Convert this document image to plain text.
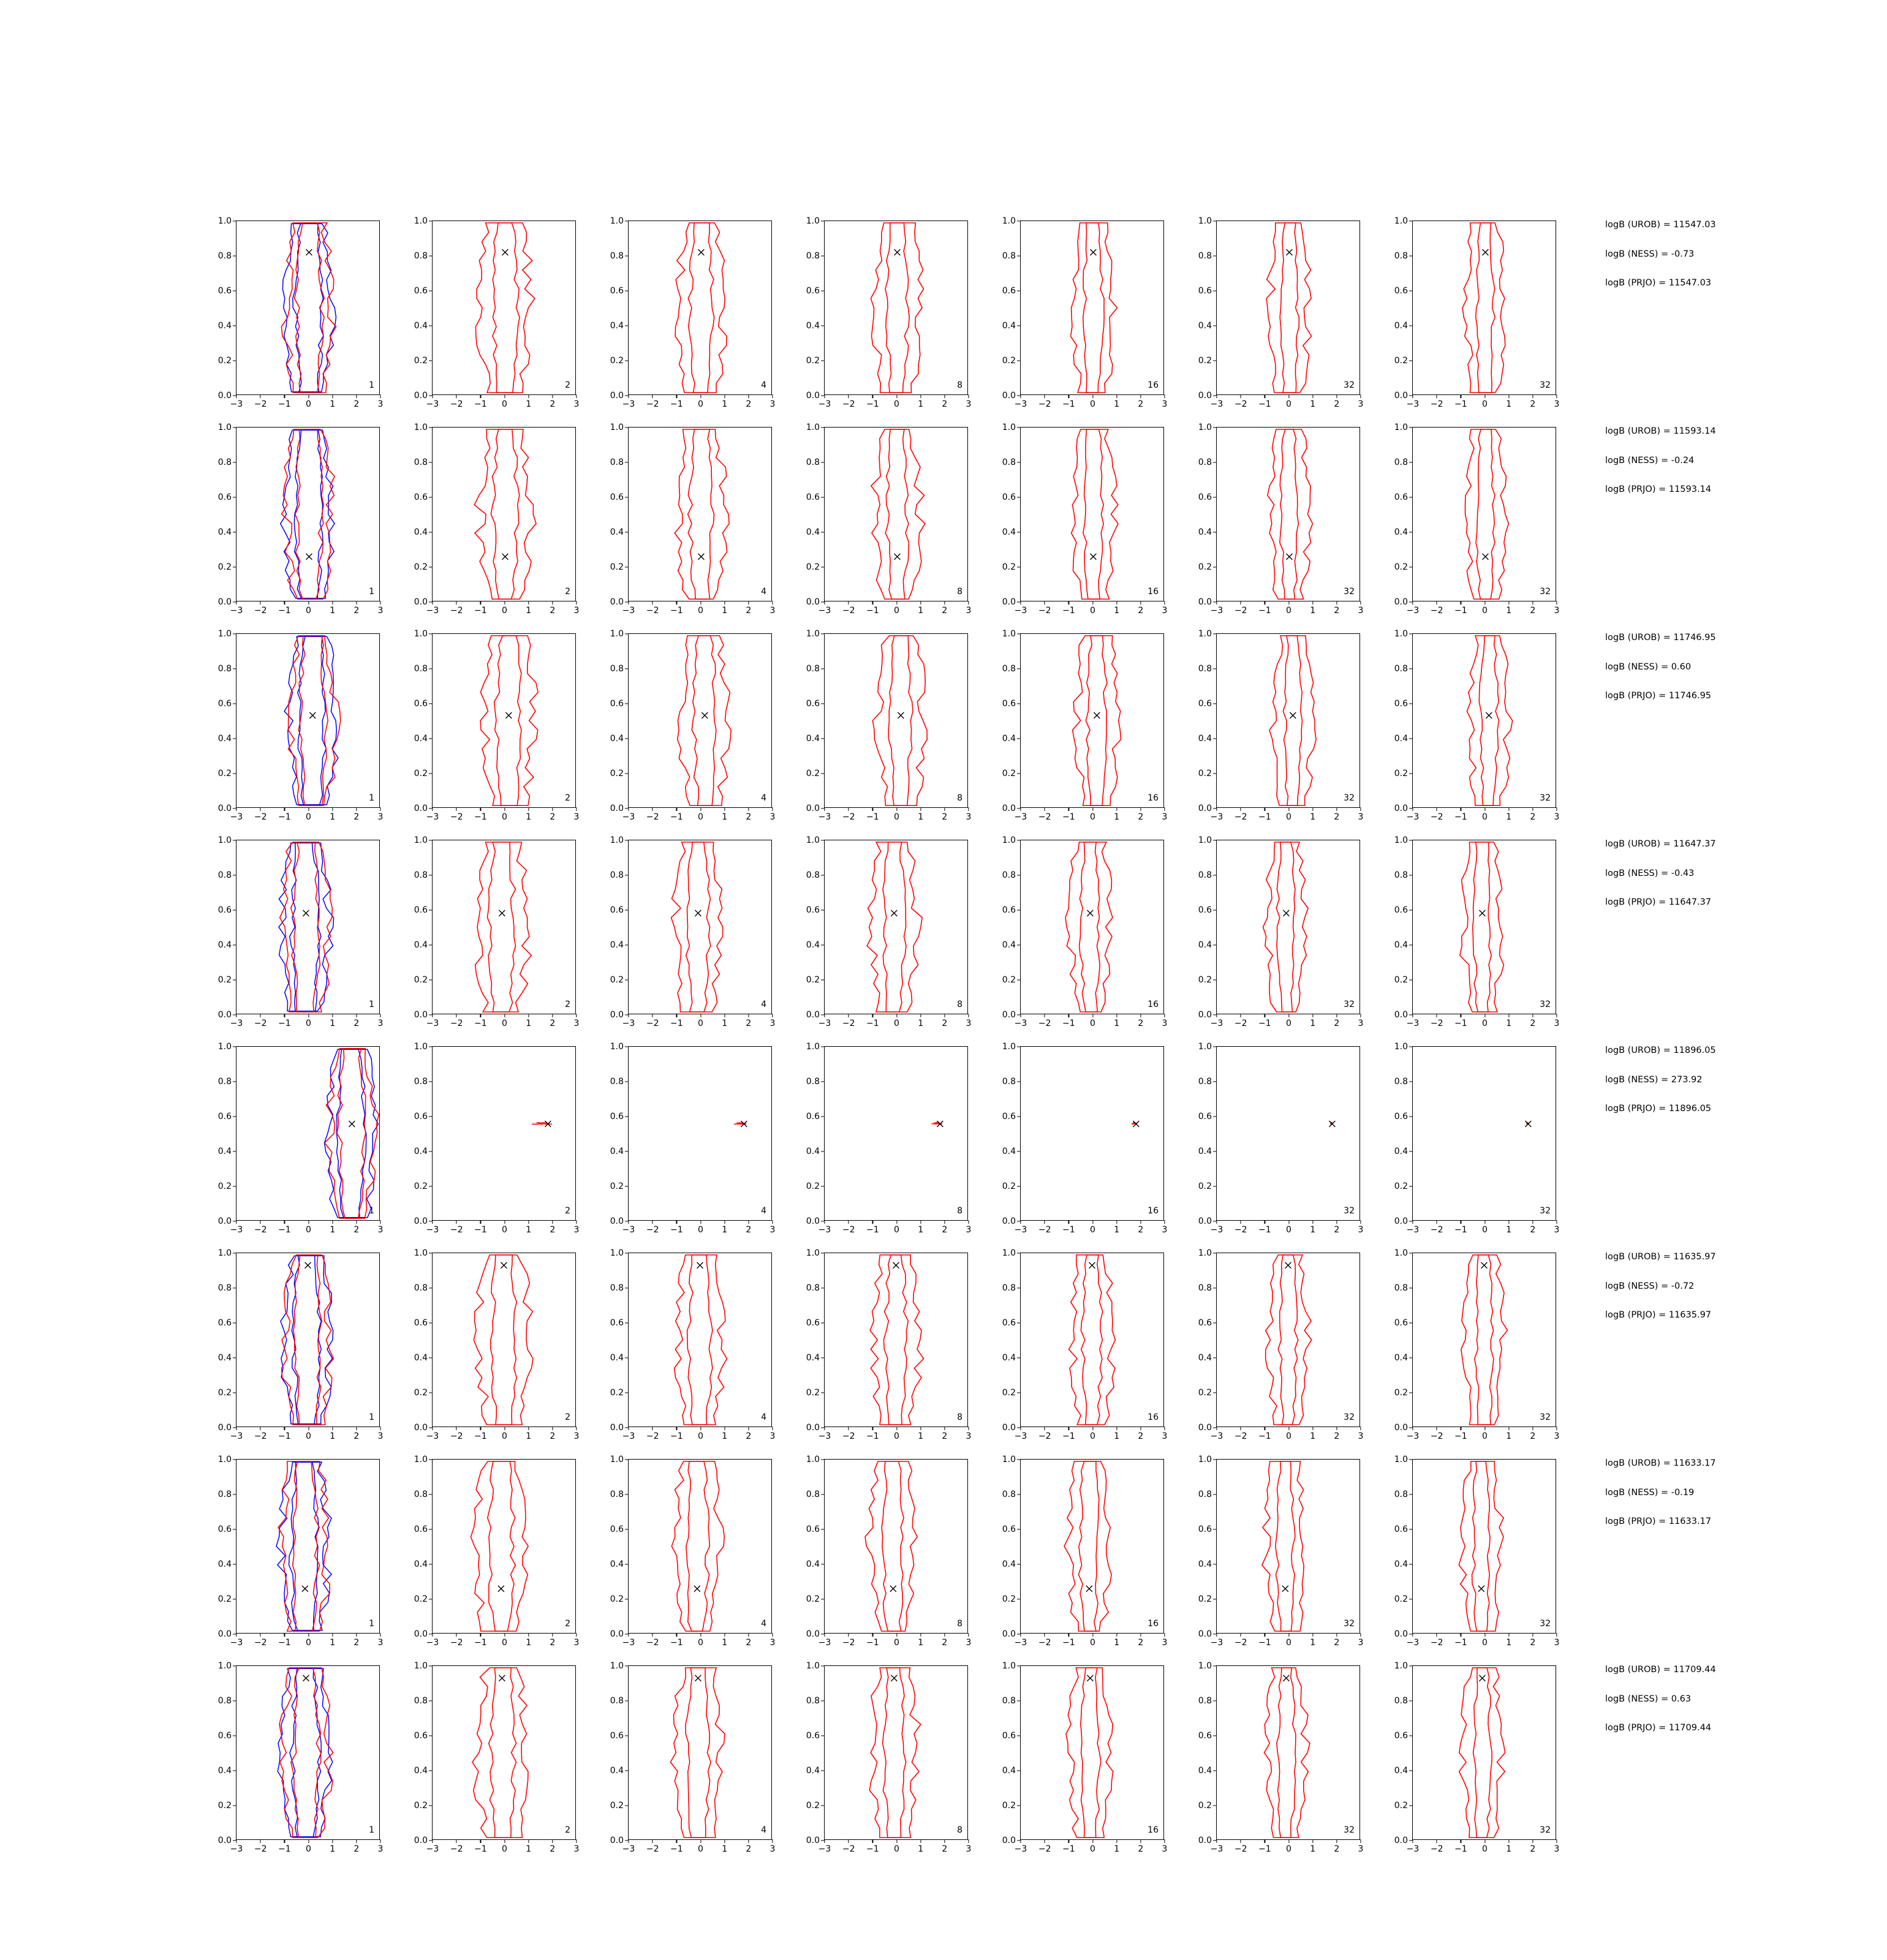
0.0
0.2
0.4
0.6
0.8
1.0
−3 −2 −1 0 1 2 3
1
0.0
0.2
0.4
0.6
0.8
1.0
−3 −2 −1 0 1 2 3
2
0.0
0.2
0.4
0.6
0.8
1.0
−3 −2 −1 0 1 2 3
4
0.0
0.2
0.4
0.6
0.8
1.0
−3 −2 −1 0 1 2 3
8
0.0
0.2
0.4
0.6
0.8
1.0
−3 −2 −1 0 1 2 3
16
0.0
0.2
0.4
0.6
0.8
1.0
−3 −2 −1 0 1 2 3
32
0.0
0.2
0.4
0.6
0.8
1.0
−3 −2 −1 0 1 2 3
32
logB (UROB) = 11547.03
logB (NESS) = -0.73
logB (PRJO) = 11547.03
0.0
0.2
0.4
0.6
0.8
1.0
−3 −2 −1 0 1 2 3
1
0.0
0.2
0.4
0.6
0.8
1.0
−3 −2 −1 0 1 2 3
2
0.0
0.2
0.4
0.6
0.8
1.0
−3 −2 −1 0 1 2 3
4
0.0
0.2
0.4
0.6
0.8
1.0
−3 −2 −1 0 1 2 3
8
0.0
0.2
0.4
0.6
0.8
1.0
−3 −2 −1 0 1 2 3
16
0.0
0.2
0.4
0.6
0.8
1.0
−3 −2 −1 0 1 2 3
32
0.0
0.2
0.4
0.6
0.8
1.0
−3 −2 −1 0 1 2 3
32
logB (UROB) = 11593.14
logB (NESS) = -0.24
logB (PRJO) = 11593.14
0.0
0.2
0.4
0.6
0.8
1.0
−3 −2 −1 0 1 2 3
1
0.0
0.2
0.4
0.6
0.8
1.0
−3 −2 −1 0 1 2 3
2
0.0
0.2
0.4
0.6
0.8
1.0
−3 −2 −1 0 1 2 3
4
0.0
0.2
0.4
0.6
0.8
1.0
−3 −2 −1 0 1 2 3
8
0.0
0.2
0.4
0.6
0.8
1.0
−3 −2 −1 0 1 2 3
16
0.0
0.2
0.4
0.6
0.8
1.0
−3 −2 −1 0 1 2 3
32
0.0
0.2
0.4
0.6
0.8
1.0
−3 −2 −1 0 1 2 3
32
logB (UROB) = 11746.95
logB (NESS) = 0.60
logB (PRJO) = 11746.95
0.0
0.2
0.4
0.6
0.8
1.0
−3 −2 −1 0 1 2 3
1
0.0
0.2
0.4
0.6
0.8
1.0
−3 −2 −1 0 1 2 3
2
0.0
0.2
0.4
0.6
0.8
1.0
−3 −2 −1 0 1 2 3
4
0.0
0.2
0.4
0.6
0.8
1.0
−3 −2 −1 0 1 2 3
8
0.0
0.2
0.4
0.6
0.8
1.0
−3 −2 −1 0 1 2 3
16
0.0
0.2
0.4
0.6
0.8
1.0
−3 −2 −1 0 1 2 3
32
0.0
0.2
0.4
0.6
0.8
1.0
−3 −2 −1 0 1 2 3
32
logB (UROB) = 11647.37
logB (NESS) = -0.43
logB (PRJO) = 11647.37
0.0
0.2
0.4
0.6
0.8
1.0
−3 −2 −1 0 1 2 3
1
0.0
0.2
0.4
0.6
0.8
1.0
−3 −2 −1 0 1 2 3
2
0.0
0.2
0.4
0.6
0.8
1.0
−3 −2 −1 0 1 2 3
4
0.0
0.2
0.4
0.6
0.8
1.0
−3 −2 −1 0 1 2 3
8
0.0
0.2
0.4
0.6
0.8
1.0
−3 −2 −1 0 1 2 3
16
0.0
0.2
0.4
0.6
0.8
1.0
−3 −2 −1 0 1 2 3
32
0.0
0.2
0.4
0.6
0.8
1.0
−3 −2 −1 0 1 2 3
32
logB (UROB) = 11896.05
logB (NESS) = 273.92
logB (PRJO) = 11896.05
0.0
0.2
0.4
0.6
0.8
1.0
−3 −2 −1 0 1 2 3
1
0.0
0.2
0.4
0.6
0.8
1.0
−3 −2 −1 0 1 2 3
2
0.0
0.2
0.4
0.6
0.8
1.0
−3 −2 −1 0 1 2 3
4
0.0
0.2
0.4
0.6
0.8
1.0
−3 −2 −1 0 1 2 3
8
0.0
0.2
0.4
0.6
0.8
1.0
−3 −2 −1 0 1 2 3
16
0.0
0.2
0.4
0.6
0.8
1.0
−3 −2 −1 0 1 2 3
32
0.0
0.2
0.4
0.6
0.8
1.0
−3 −2 −1 0 1 2 3
32
logB (UROB) = 11635.97
logB (NESS) = -0.72
logB (PRJO) = 11635.97
0.0
0.2
0.4
0.6
0.8
1.0
−3 −2 −1 0 1 2 3
1
0.0
0.2
0.4
0.6
0.8
1.0
−3 −2 −1 0 1 2 3
2
0.0
0.2
0.4
0.6
0.8
1.0
−3 −2 −1 0 1 2 3
4
0.0
0.2
0.4
0.6
0.8
1.0
−3 −2 −1 0 1 2 3
8
0.0
0.2
0.4
0.6
0.8
1.0
−3 −2 −1 0 1 2 3
16
0.0
0.2
0.4
0.6
0.8
1.0
−3 −2 −1 0 1 2 3
32
0.0
0.2
0.4
0.6
0.8
1.0
−3 −2 −1 0 1 2 3
32
logB (UROB) = 11633.17
logB (NESS) = -0.19
logB (PRJO) = 11633.17
0.0
0.2
0.4
0.6
0.8
1.0
−3 −2 −1 0 1 2 3
1
0.0
0.2
0.4
0.6
0.8
1.0
−3 −2 −1 0 1 2 3
2
0.0
0.2
0.4
0.6
0.8
1.0
−3 −2 −1 0 1 2 3
4
0.0
0.2
0.4
0.6
0.8
1.0
−3 −2 −1 0 1 2 3
8
0.0
0.2
0.4
0.6
0.8
1.0
−3 −2 −1 0 1 2 3
16
0.0
0.2
0.4
0.6
0.8
1.0
−3 −2 −1 0 1 2 3
32
0.0
0.2
0.4
0.6
0.8
1.0
−3 −2 −1 0 1 2 3
32
logB (UROB) = 11709.44
logB (NESS) = 0.63
logB (PRJO) = 11709.44
